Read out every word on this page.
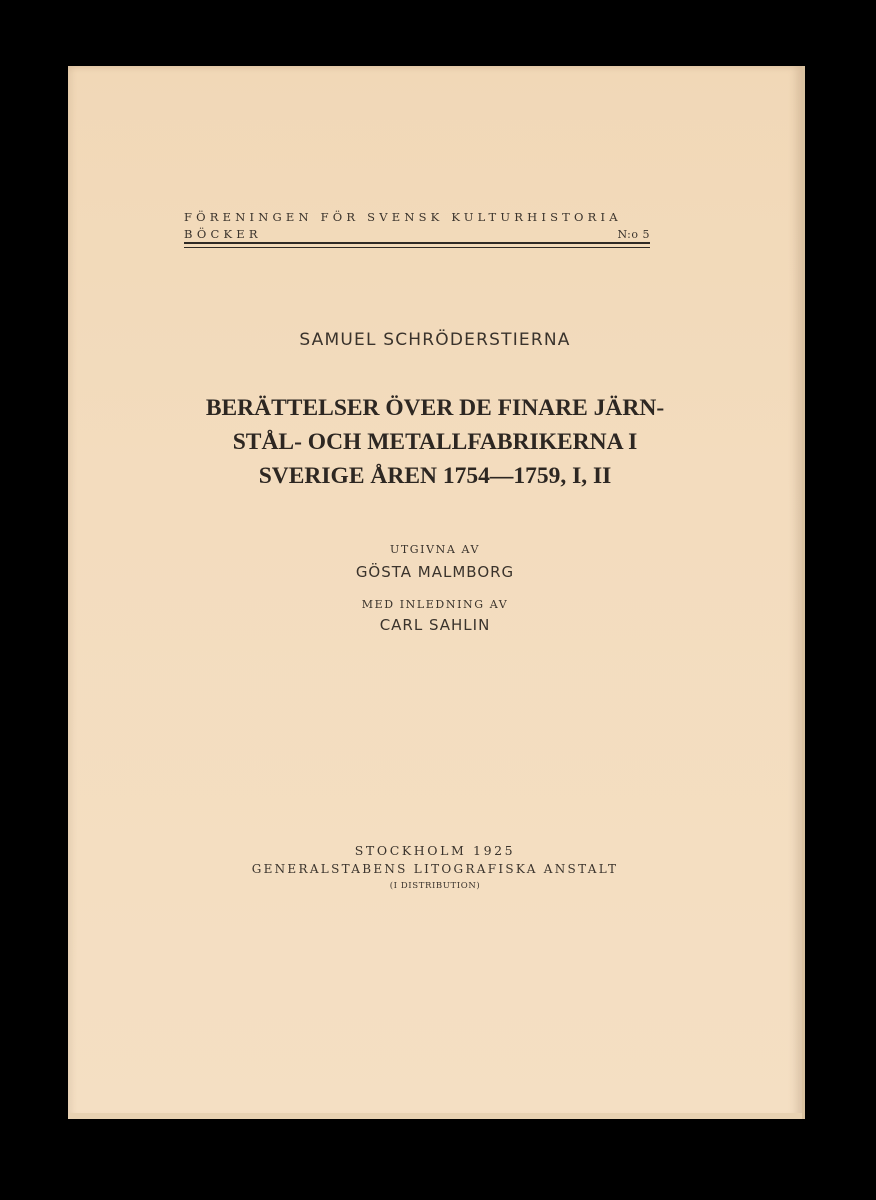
FÖRENINGEN FÖR SVENSK KULTURHISTORIA
BÖCKER	N:o 5
SAMUEL SCHRÖDERSTIERNA
BERÄTTELSER ÖVER DE FINARE JÄRN-
STÅL- OCH METALLFABRIKERNA I
SVERIGE ÅREN 1754—1759, I, II
UTGIVNA AV
GÖSTA MALMBORG
MED INLEDNING AV
CARL SAHLIN
STOCKHOLM 1925
GENERALSTABENS LITOGRAFISKA ANSTALT
(I DISTRIBUTION)
